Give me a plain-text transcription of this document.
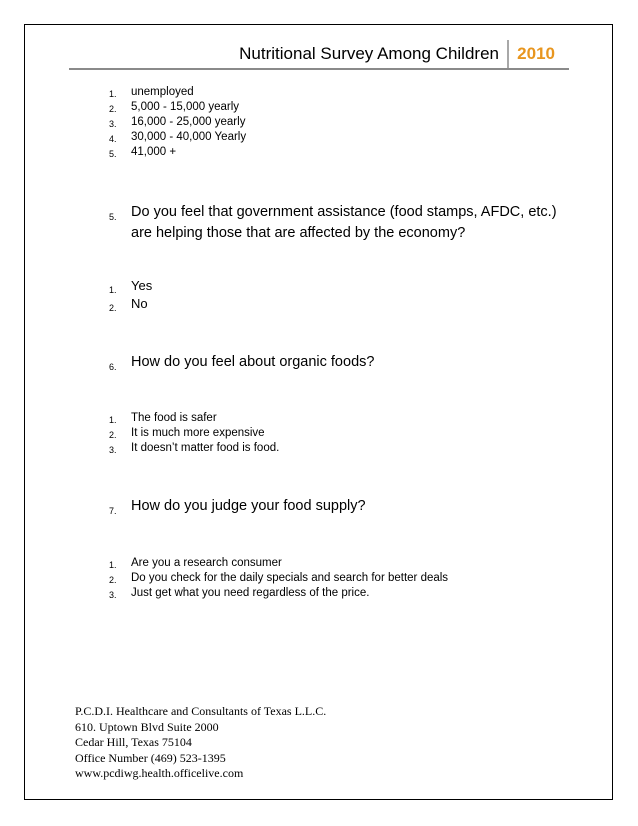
Nutritional Survey Among Children 2010
1. unemployed
2. 5,000 - 15,000 yearly
3. 16,000 - 25,000 yearly
4. 30,000 - 40,000 Yearly
5. 41,000 +
5. Do you feel that government assistance (food stamps, AFDC, etc.) are helping those that are affected by the economy?
1. Yes
2. No
6. How do you feel about organic foods?
1. The food is safer
2. It is much more expensive
3. It doesn’t matter food is food.
7. How do you judge your food supply?
1. Are you a research consumer
2. Do you check for the daily specials and search for better deals
3. Just get what you need regardless of the price.
P.C.D.I. Healthcare and Consultants of Texas L.L.C.
610. Uptown Blvd Suite 2000
Cedar Hill, Texas 75104
Office Number (469) 523-1395
www.pcdiwg.health.officelive.com
